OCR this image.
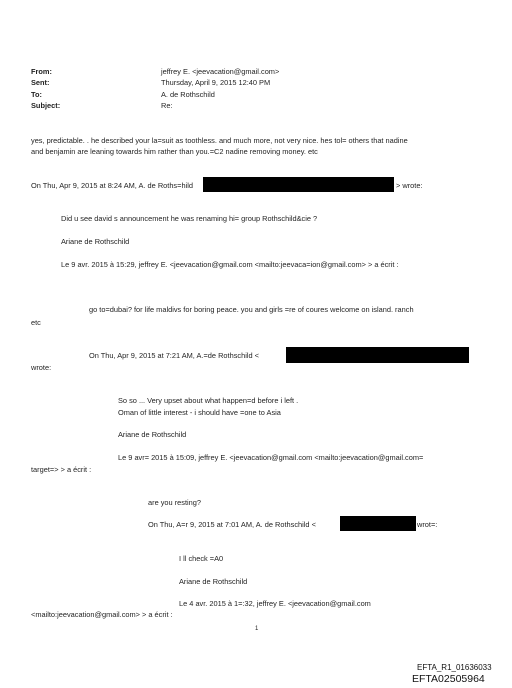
From:	jeffrey E. <jeevacation@gmail.com>
Sent:	Thursday, April 9, 2015 12:40 PM
To:	A. de Rothschild
Subject:	Re:
yes, predictable. . he described your la=suit as toothless. and much more, not very nice. hes tol= others that nadine
and benjamin are leaning towards him rather than you.=C2 nadine removing money. etc
On Thu, Apr 9, 2015 at 8:24 AM, A. de Roths=hild	> wrote:
Did u see david s announcement he was renaming hi= group Rothschild&cie ?
Ariane de Rothschild
Le 9 avr. 2015 à 15:29, jeffrey E. <jeevacation@gmail.com <mailto:jeevaca=ion@gmail.com> > a écrit :
go to=dubai? for life maldivs for boring peace. you and girls =re of coures welcome on island. ranch
etc
On Thu, Apr 9, 2015 at 7:21 AM, A.=de Rothschild <
wrote:
So so ... Very upset about what happen=d before i left .
Oman of little interest - i should have =one to Asia
Ariane de Rothschild
Le 9 avr= 2015 à 15:09, jeffrey E. <jeevacation@gmail.com <mailto:jeevacation@gmail.com=
target=> > a écrit :
are you resting?
On Thu, A=r 9, 2015 at 7:01 AM, A. de Rothschild <	wrot=:
I ll check =A0
Ariane de Rothschild
Le 4 avr. 2015 à 1=:32, jeffrey E. <jeevacation@gmail.com
<mailto:jeevacation@gmail.com> > a écrit :
1
EFTA_R1_01636033
EFTA02505964
